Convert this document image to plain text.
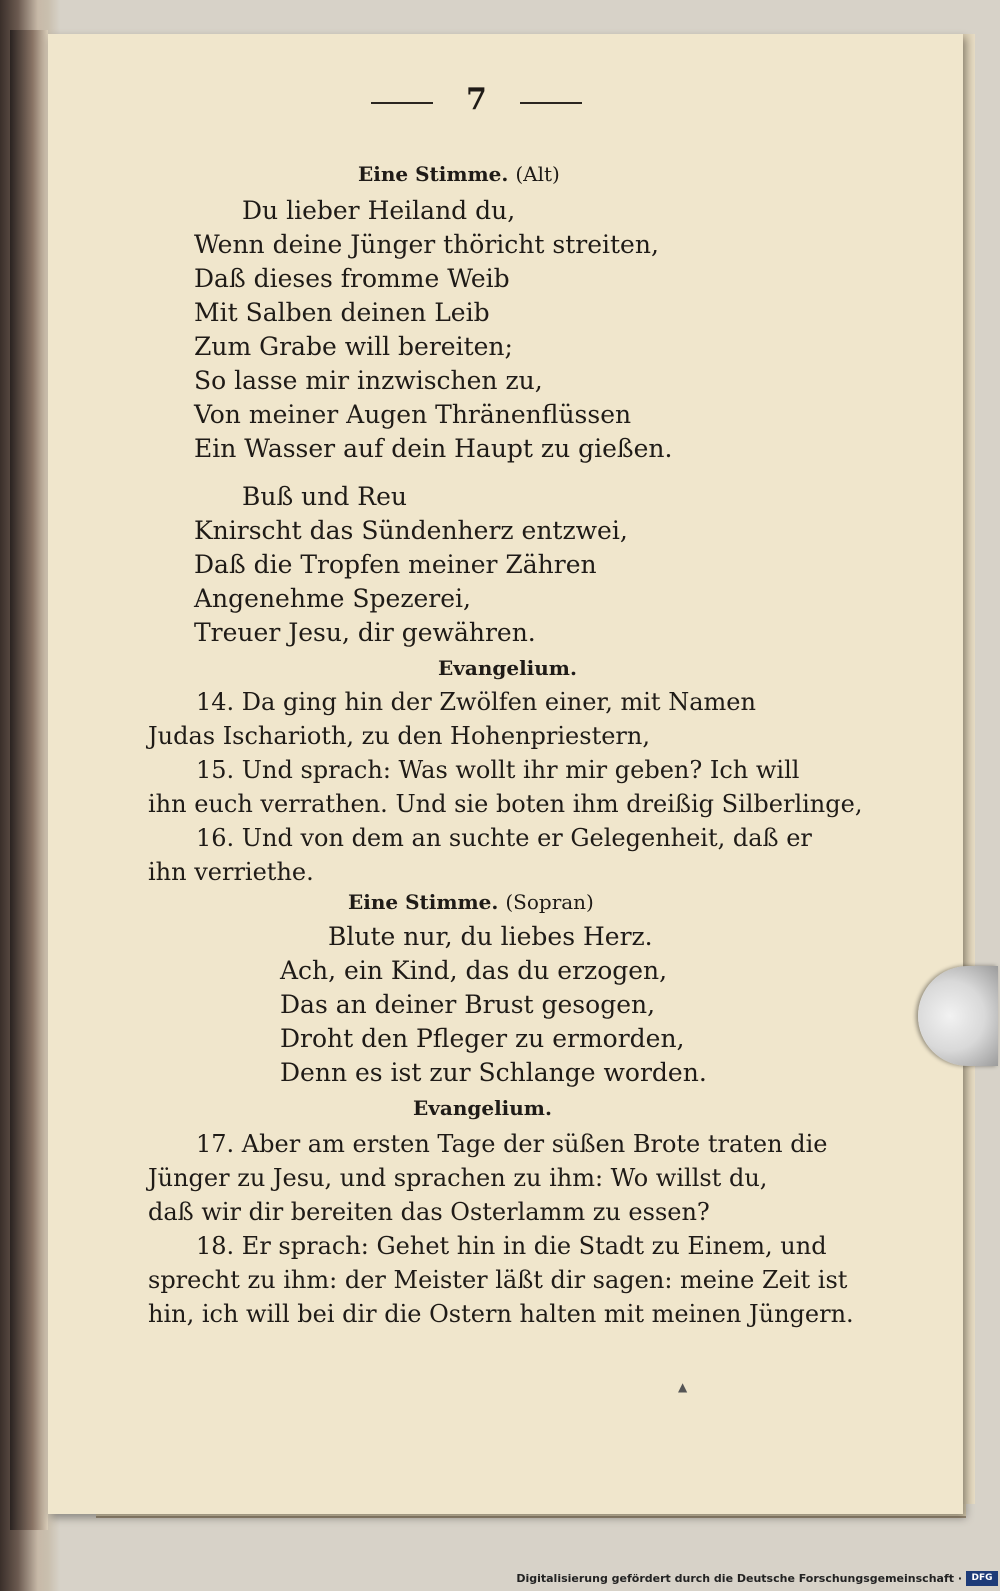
7
Eine Stimme. (Alt)
Du lieber Heiland du,
Wenn deine Jünger thöricht streiten,
Daß dieses fromme Weib
Mit Salben deinen Leib
Zum Grabe will bereiten;
So lasse mir inzwischen zu,
Von meiner Augen Thränenflüssen
Ein Wasser auf dein Haupt zu gießen.
Buß und Reu
Knirscht das Sündenherz entzwei,
Daß die Tropfen meiner Zähren
Angenehme Spezerei,
Treuer Jesu, dir gewähren.
Evangelium.
14. Da ging hin der Zwölfen einer, mit Namen
Judas Ischarioth, zu den Hohenpriestern,
15. Und sprach: Was wollt ihr mir geben? Ich will
ihn euch verrathen. Und sie boten ihm dreißig Silberlinge,
16. Und von dem an suchte er Gelegenheit, daß er
ihn verriethe.
Eine Stimme. (Sopran)
Blute nur, du liebes Herz.
Ach, ein Kind, das du erzogen,
Das an deiner Brust gesogen,
Droht den Pfleger zu ermorden,
Denn es ist zur Schlange worden.
Evangelium.
17. Aber am ersten Tage der süßen Brote traten die
Jünger zu Jesu, und sprachen zu ihm: Wo willst du,
daß wir dir bereiten das Osterlamm zu essen?
18. Er sprach: Gehet hin in die Stadt zu Einem, und
sprecht zu ihm: der Meister läßt dir sagen: meine Zeit ist
hin, ich will bei dir die Ostern halten mit meinen Jüngern.
▲
Digitalisierung gefördert durch die Deutsche Forschungsgemeinschaft ·	DFG
